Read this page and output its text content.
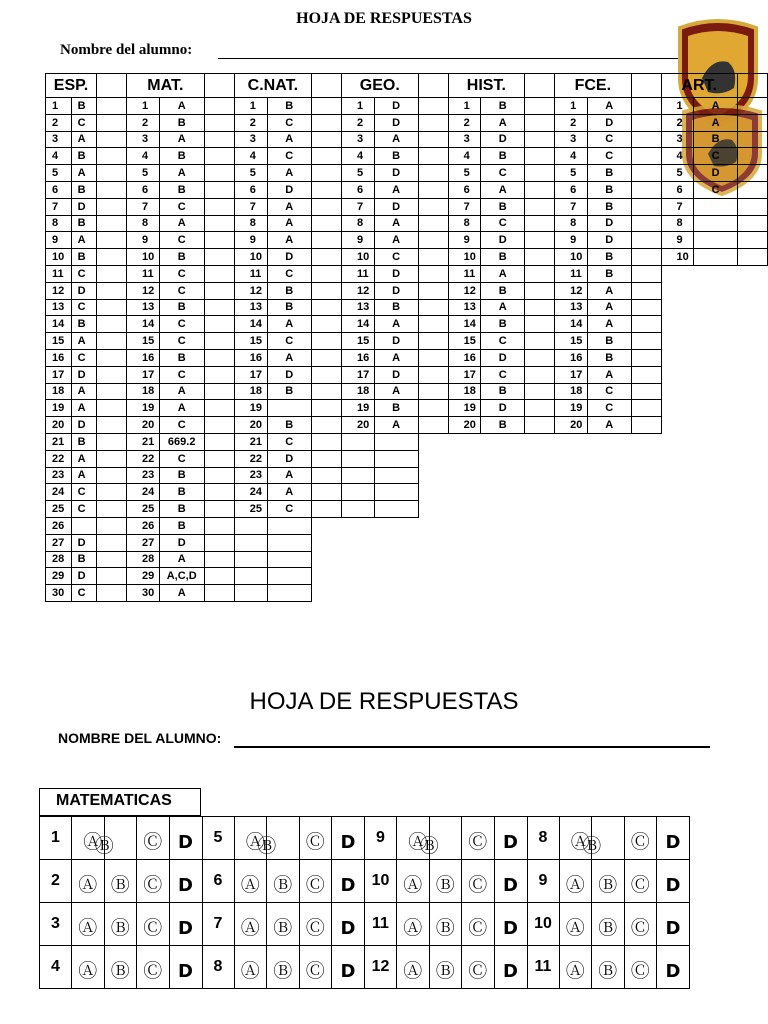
HOJA DE RESPUESTAS
Nombre del alumno:
ESP.			MAT.			C.NAT.			GEO.			HIST.			FCE.			ART.		
1	B		1	A		1	B		1	D		1	B		1	A		1	A	
2	C		2	B		2	C		2	D		2	A		2	D		2	A	
3	A		3	A		3	A		3	A		3	D		3	C		3	B	
4	B		4	B		4	C		4	B		4	B		4	C		4	C	
5	A		5	A		5	A		5	D		5	C		5	B		5	D	
6	B		6	B		6	D		6	A		6	A		6	B		6	C	
7	D		7	C		7	A		7	D		7	B		7	B		7		
8	B		8	A		8	A		8	A		8	C		8	D		8		
9	A		9	C		9	A		9	A		9	D		9	D		9		
10	B		10	B		10	D		10	C		10	B		10	B		10		
11	C		11	C		11	C		11	D		11	A		11	B				
12	D		12	C		12	B		12	D		12	B		12	A				
13	C		13	B		13	B		13	B		13	A		13	A				
14	B		14	C		14	A		14	A		14	B		14	A				
15	A		15	C		15	C		15	D		15	C		15	B				
16	C		16	B		16	A		16	A		16	D		16	B				
17	D		17	C		17	D		17	D		17	C		17	A				
18	A		18	A		18	B		18	A		18	B		18	C				
19	A		19	A		19			19	B		19	D		19	C				
20	D		20	C		20	B		20	A		20	B		20	A				
21	B		21	669.2		21	C													
22	A		22	C		22	D													
23	A		23	B		23	A													
24	C		24	B		24	A													
25	C		25	B		25	C													
26			26	B																
27	D		27	D																
28	B		28	A																
29	D		29	A,C,D																
30	C		30	A																
HOJA DE RESPUESTAS
NOMBRE DEL ALUMNO:
MATEMATICAS
1	Ⓐ	Ⓑ	Ⓒ	D	5	Ⓐ	Ⓑ	Ⓒ	D	9	Ⓐ	Ⓑ	Ⓒ	D	8	Ⓐ	Ⓑ	Ⓒ	D
2	Ⓐ	Ⓑ	Ⓒ	D	6	Ⓐ	Ⓑ	Ⓒ	D	10	Ⓐ	Ⓑ	Ⓒ	D	9	Ⓐ	Ⓑ	Ⓒ	D
3	Ⓐ	Ⓑ	Ⓒ	D	7	Ⓐ	Ⓑ	Ⓒ	D	11	Ⓐ	Ⓑ	Ⓒ	D	10	Ⓐ	Ⓑ	Ⓒ	D
4	Ⓐ	Ⓑ	Ⓒ	D	8	Ⓐ	Ⓑ	Ⓒ	D	12	Ⓐ	Ⓑ	Ⓒ	D	11	Ⓐ	Ⓑ	Ⓒ	D
